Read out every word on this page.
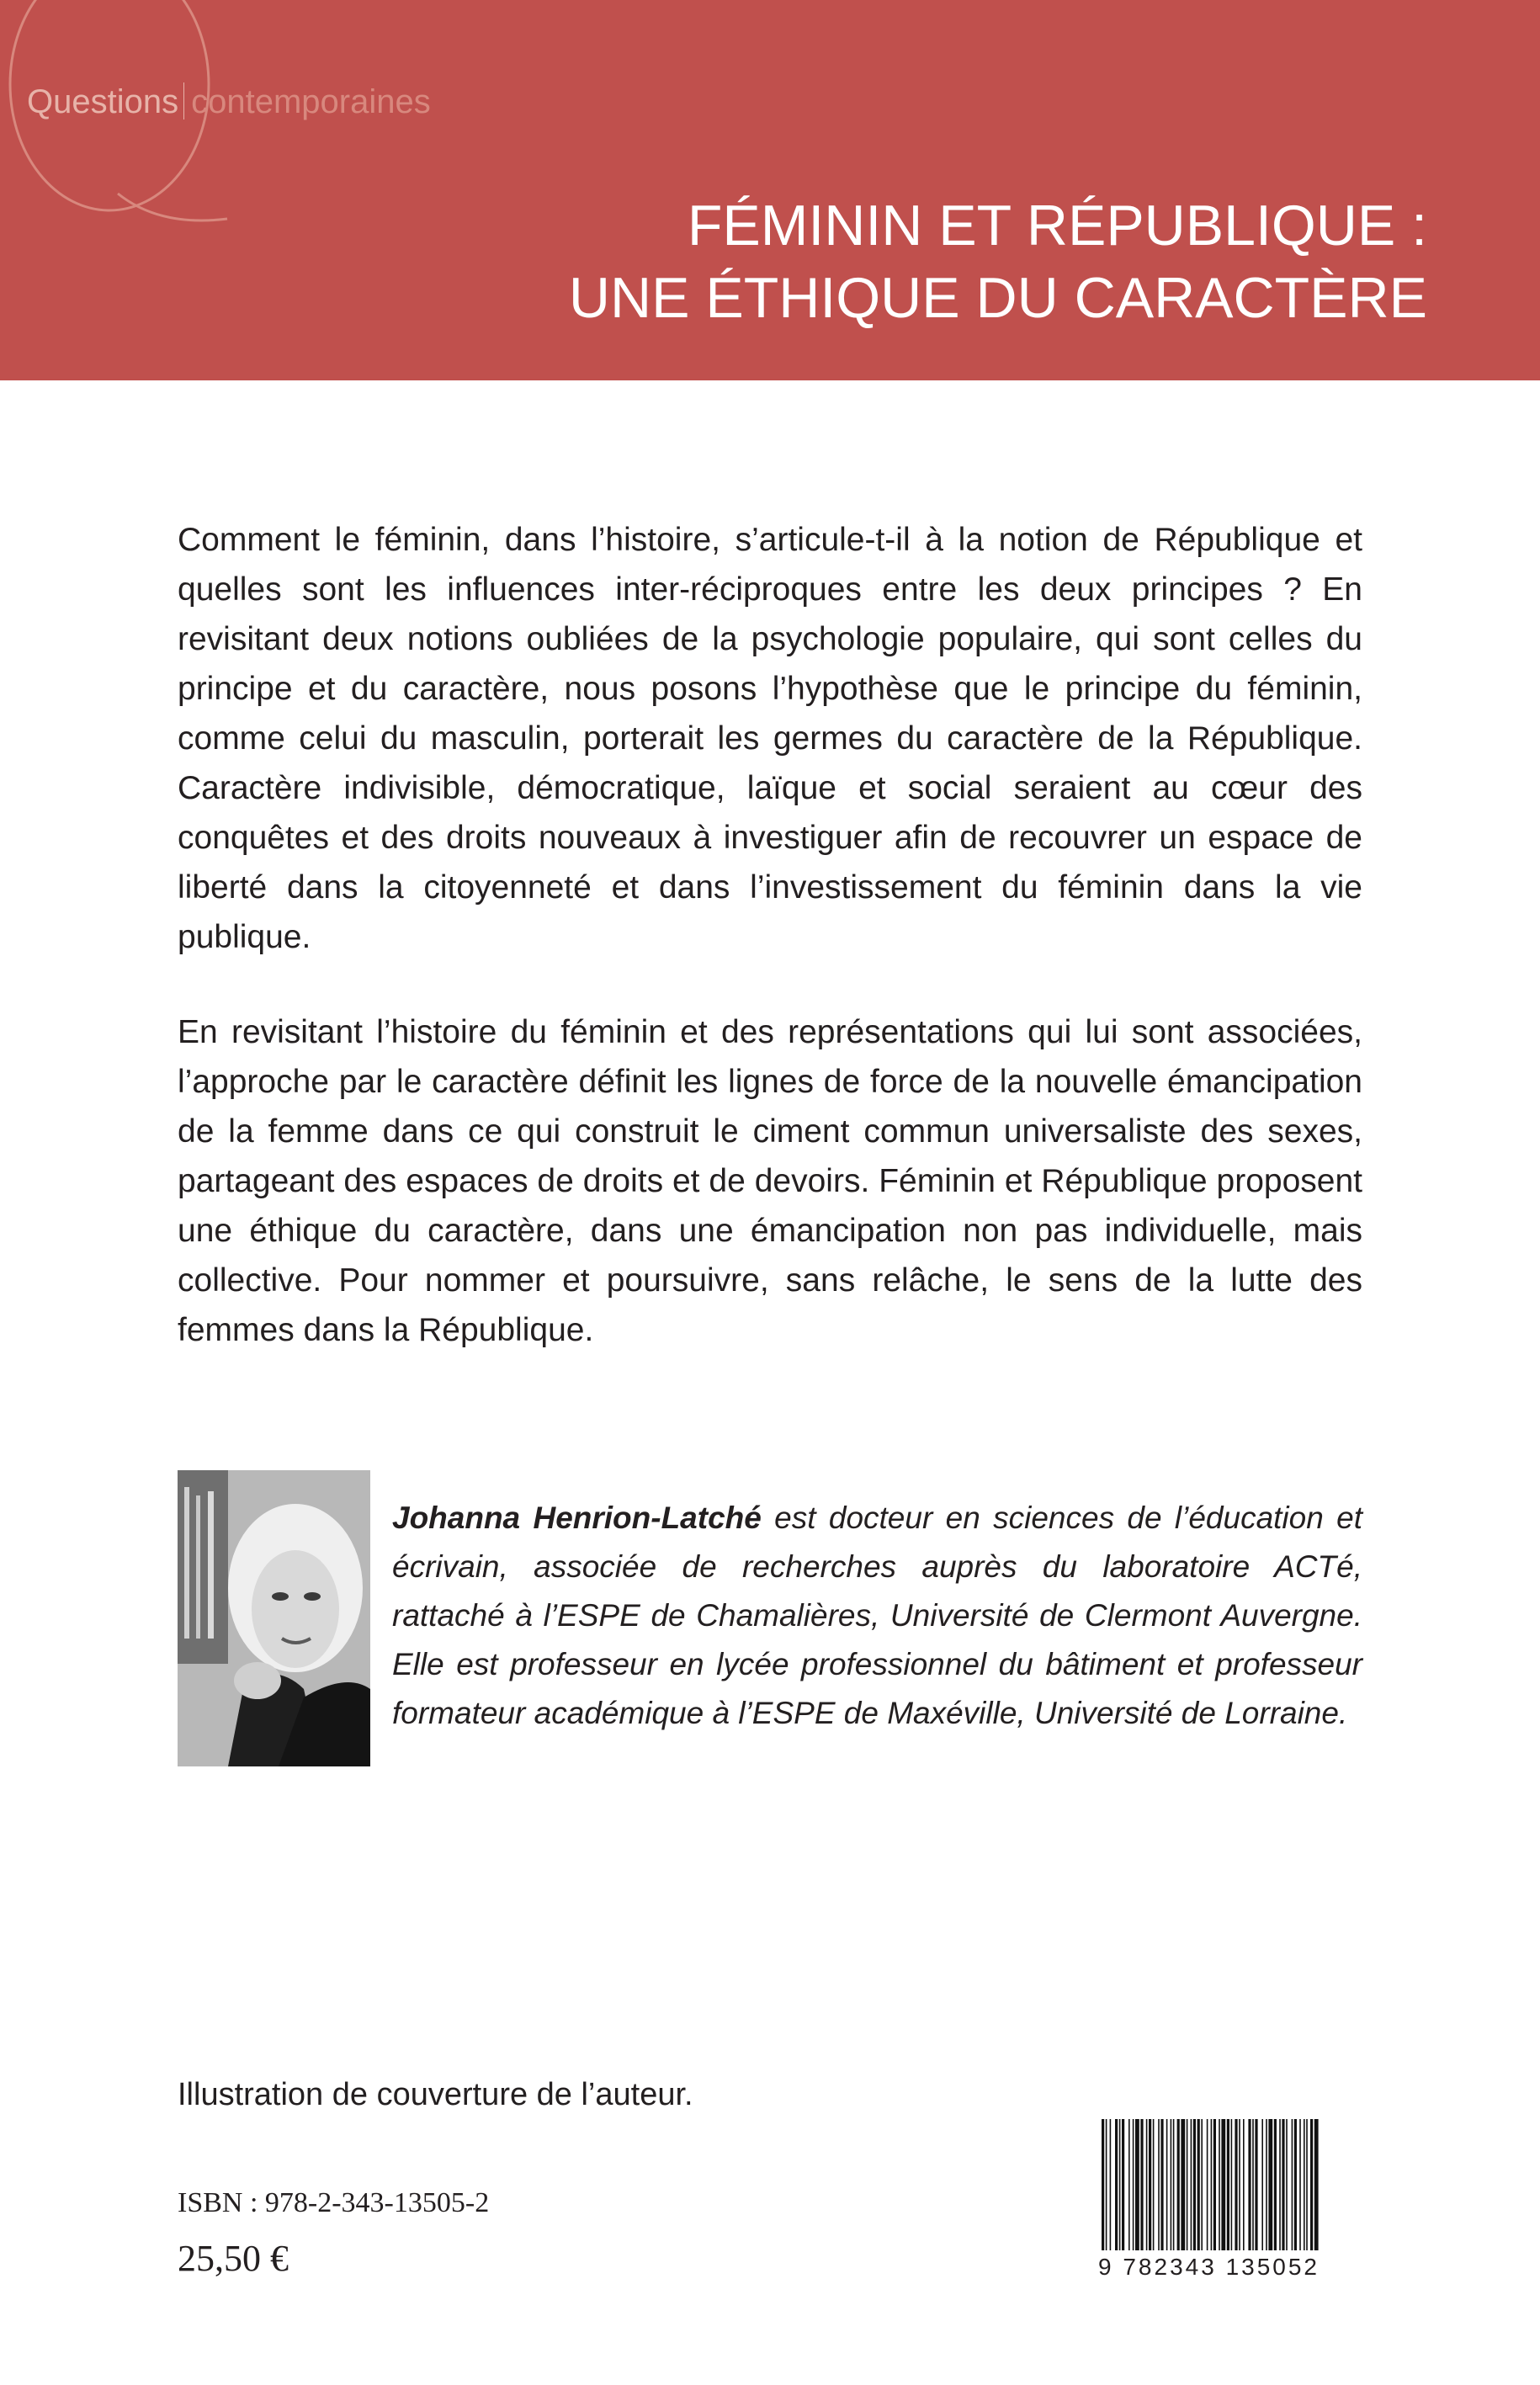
Questions contemporaines
FÉMININ ET RÉPUBLIQUE :
UNE ÉTHIQUE DU CARACTÈRE
Comment le féminin, dans l’histoire, s’articule-t-il à la notion de République et quelles sont les influences inter-réciproques entre les deux principes ? En revisitant deux notions oubliées de la psychologie populaire, qui sont celles du principe et du caractère, nous posons l’hypothèse que le principe du féminin, comme celui du masculin, porterait les germes du caractère de la République. Caractère indivisible, démocratique, laïque et social seraient au cœur des conquêtes et des droits nouveaux à investiguer afin de recouvrer un espace de liberté dans la citoyenneté et dans l’investissement du féminin dans la vie publique.
En revisitant l’histoire du féminin et des représentations qui lui sont associées, l’approche par le caractère définit les lignes de force de la nouvelle émancipation de la femme dans ce qui construit le ciment commun universaliste des sexes, partageant des espaces de droits et de devoirs. Féminin et République proposent une éthique du caractère, dans une émancipation non pas individuelle, mais collective. Pour nommer et poursuivre, sans relâche, le sens de la lutte des femmes dans la République.
Johanna Henrion-Latché est docteur en sciences de l’éducation et écrivain, associée de recherches auprès du laboratoire ACTé, rattaché à l’ESPE de Chamalières, Université de Clermont Auvergne. Elle est professeur en lycée professionnel du bâtiment et professeur formateur académique à l’ESPE de Maxéville, Université de Lorraine.
Illustration de couverture de l’auteur.
ISBN : 978-2-343-13505-2
25,50 €	9 782343 135052
